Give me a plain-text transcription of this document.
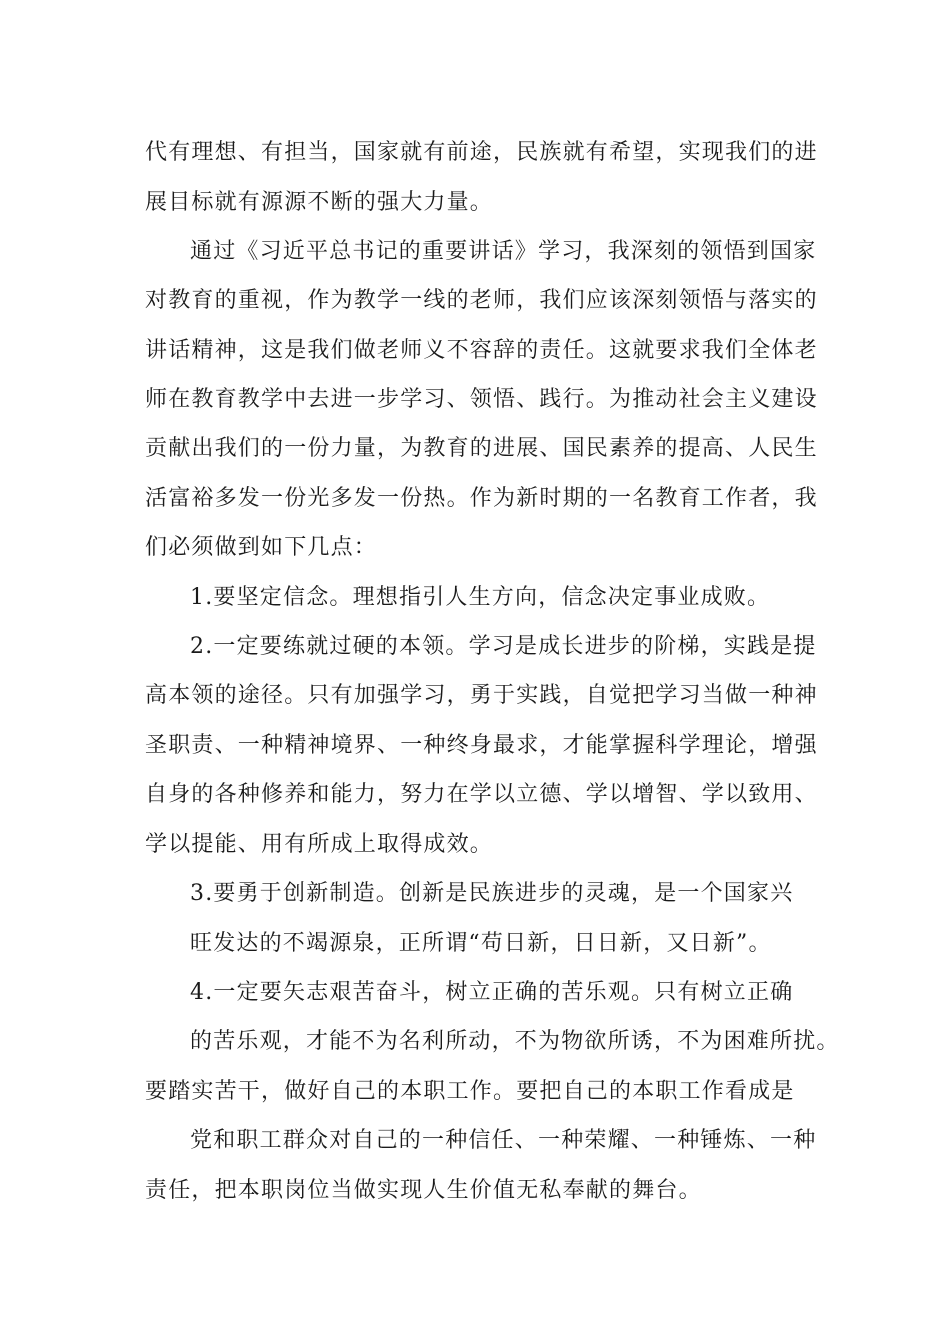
代有理想、有担当，国家就有前途，民族就有希望，实现我们的进
展目标就有源源不断的强大力量。
通过《习近平总书记的重要讲话》学习，我深刻的领悟到国家
对教育的重视，作为教学一线的老师，我们应该深刻领悟与落实的
讲话精神，这是我们做老师义不容辞的责任。这就要求我们全体老
师在教育教学中去进一步学习、领悟、践行。为推动社会主义建设
贡献出我们的一份力量，为教育的进展、国民素养的提高、人民生
活富裕多发一份光多发一份热。作为新时期的一名教育工作者，我
们必须做到如下几点：
1.要坚定信念。理想指引人生方向，信念决定事业成败。
2.一定要练就过硬的本领。学习是成长进步的阶梯，实践是提
高本领的途径。只有加强学习，勇于实践，自觉把学习当做一种神
圣职责、一种精神境界、一种终身最求，才能掌握科学理论，增强
自身的各种修养和能力，努力在学以立德、学以增智、学以致用、
学以提能、用有所成上取得成效。
3.要勇于创新制造。创新是民族进步的灵魂，是一个国家兴
旺发达的不竭源泉，正所谓“苟日新，日日新，又日新”。
4.一定要矢志艰苦奋斗，树立正确的苦乐观。只有树立正确
的苦乐观，才能不为名利所动，不为物欲所诱，不为困难所扰。
要踏实苦干，做好自己的本职工作。要把自己的本职工作看成是
党和职工群众对自己的一种信任、一种荣耀、一种锤炼、一种
责任，把本职岗位当做实现人生价值无私奉献的舞台。
